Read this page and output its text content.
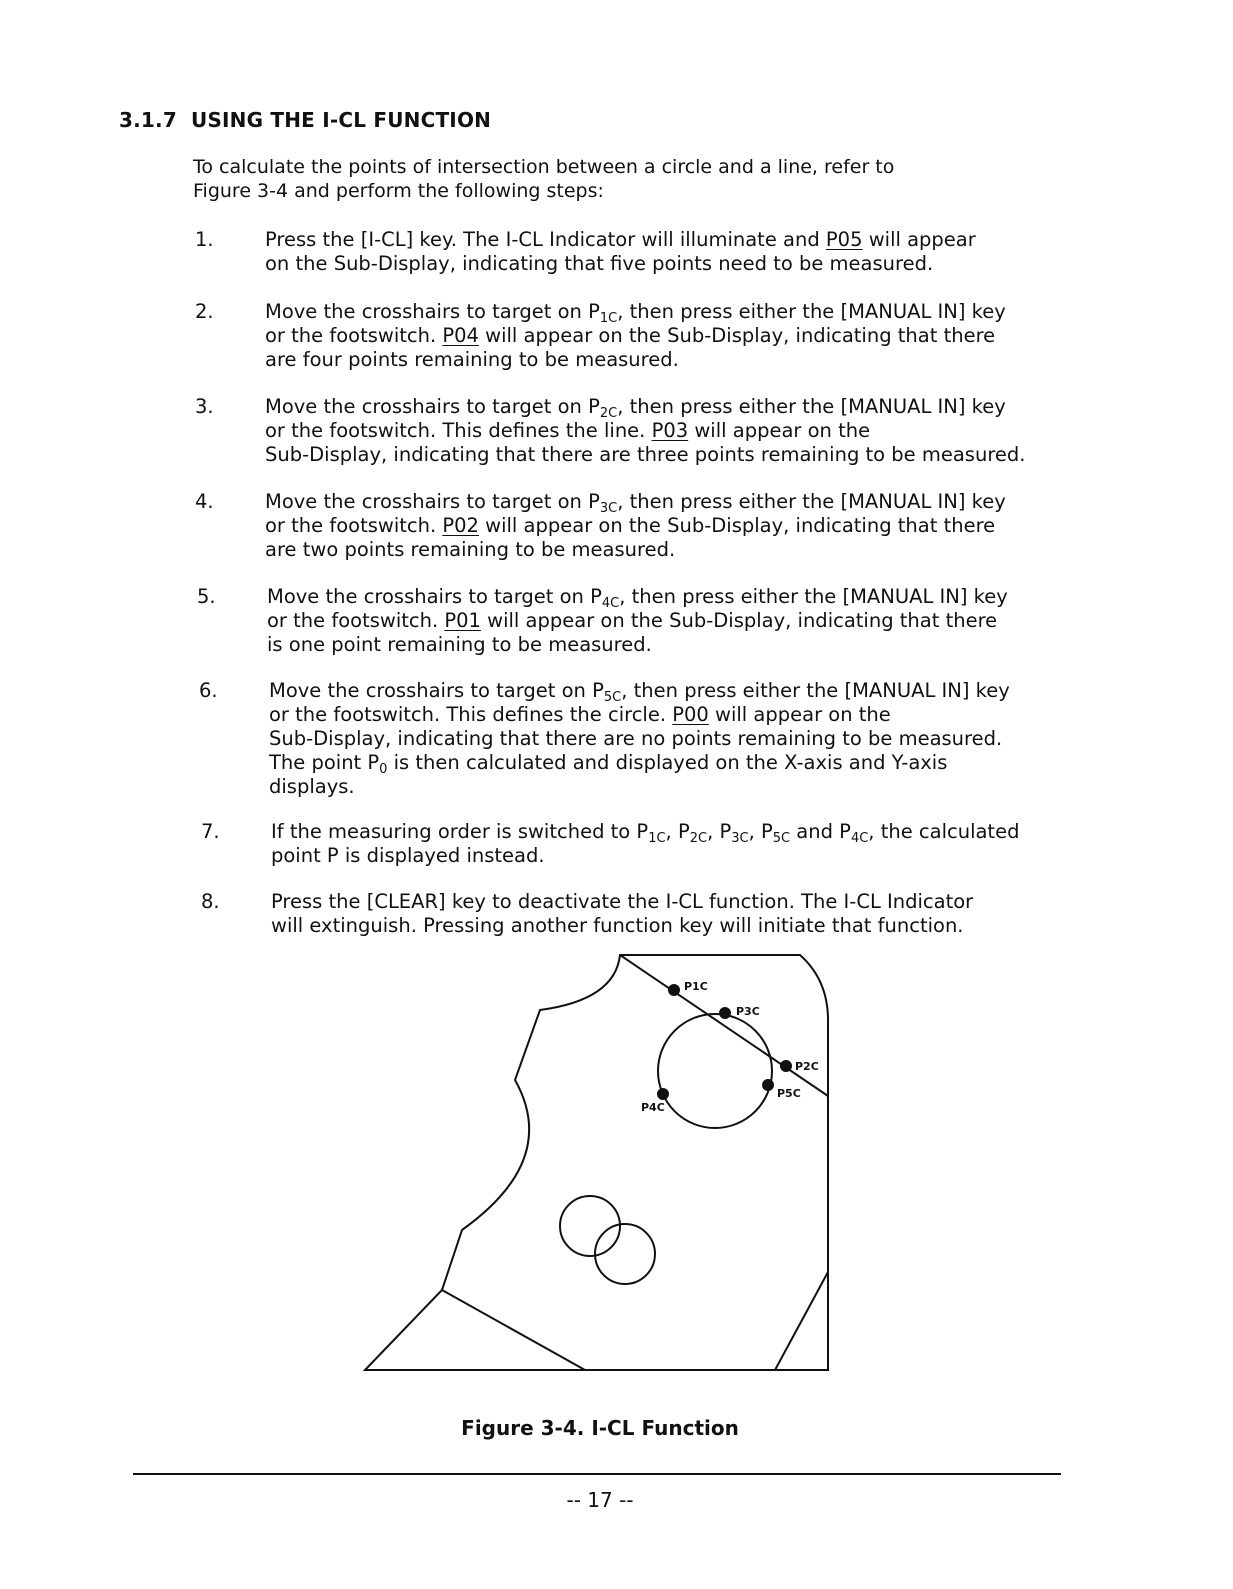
3.1.7 USING THE I-CL FUNCTION
To calculate the points of intersection between a circle and a line, refer to
Figure 3-4 and perform the following steps:
1.	Press the [I-CL] key. The I-CL Indicator will illuminate and P05 will appear
on the Sub-Display, indicating that five points need to be measured.
2.	Move the crosshairs to target on $P_{1C}$, then press either the [MANUAL IN] key
or the footswitch. P04 will appear on the Sub-Display, indicating that there
are four points remaining to be measured.
3.	Move the crosshairs to target on $P_{2C}$, then press either the [MANUAL IN] key
or the footswitch. This defines the line. P03 will appear on the
Sub-Display, indicating that there are three points remaining to be measured.
4.	Move the crosshairs to target on $P_{3C}$, then press either the [MANUAL IN] key
or the footswitch. P02 will appear on the Sub-Display, indicating that there
are two points remaining to be measured.
5.	Move the crosshairs to target on $P_{4C}$, then press either the [MANUAL IN] key
or the footswitch. P01 will appear on the Sub-Display, indicating that there
is one point remaining to be measured.
6.	Move the crosshairs to target on $P_{5C}$, then press either the [MANUAL IN] key
or the footswitch. This defines the circle. P00 will appear on the
Sub-Display, indicating that there are no points remaining to be measured.
The point $P_0$ is then calculated and displayed on the X-axis and Y-axis
displays.
7.	If the measuring order is switched to $P_{1C}$, $P_{2C}$, $P_{3C}$, $P_{5C}$ and $P_{4C}$, the calculated
point P is displayed instead.
8.	Press the [CLEAR] key to deactivate the I-CL function. The I-CL Indicator
will extinguish. Pressing another function key will initiate that function.
P1C
P3C
P2C
P5C
P4C
Figure 3-4. I-CL Function
-- 17 --
